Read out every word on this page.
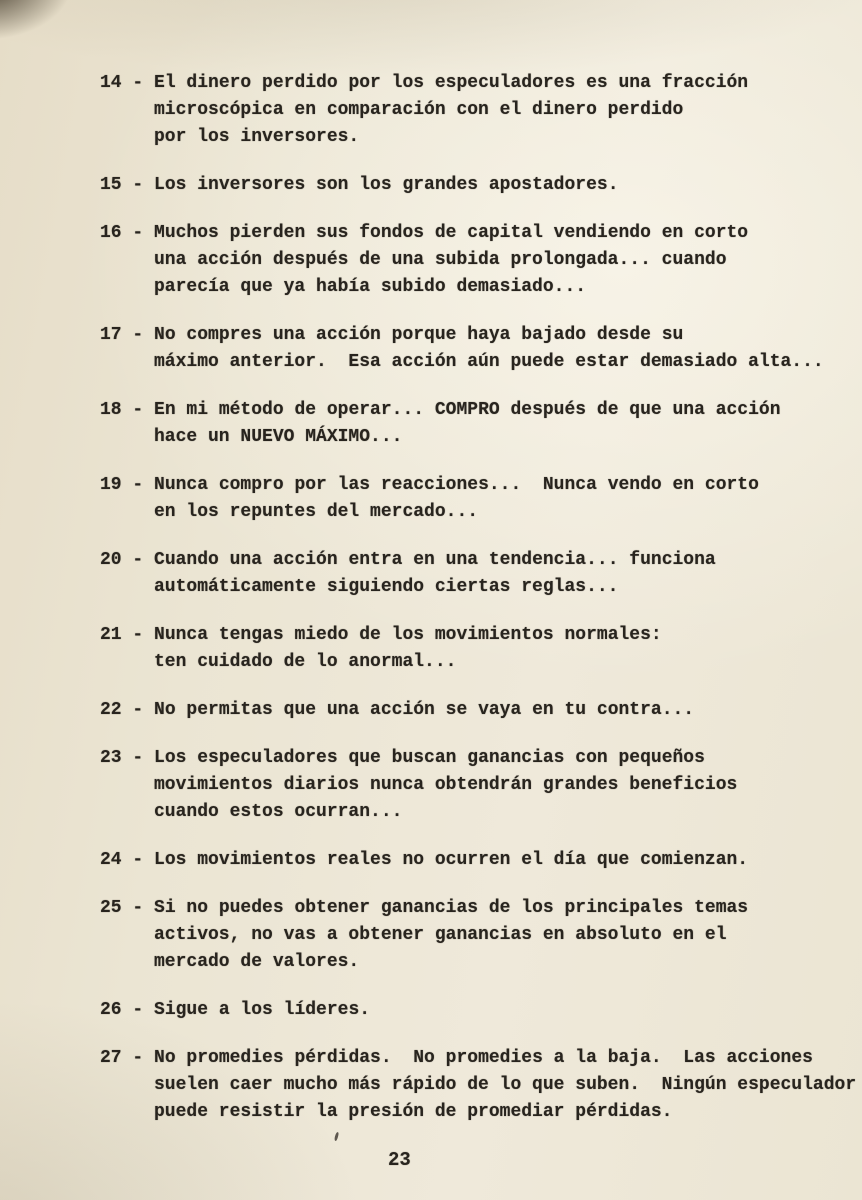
14 - El dinero perdido por los especuladores es una fracción
microscópica en comparación con el dinero perdido
por los inversores.
15 - Los inversores son los grandes apostadores.
16 - Muchos pierden sus fondos de capital vendiendo en corto
una acción después de una subida prolongada... cuando
parecía que ya había subido demasiado...
17 - No compres una acción porque haya bajado desde su
máximo anterior.  Esa acción aún puede estar demasiado alta...
18 - En mi método de operar... COMPRO después de que una acción
hace un NUEVO MÁXIMO...
19 - Nunca compro por las reacciones...  Nunca vendo en corto
en los repuntes del mercado...
20 - Cuando una acción entra en una tendencia... funciona
automáticamente siguiendo ciertas reglas...
21 - Nunca tengas miedo de los movimientos normales:
ten cuidado de lo anormal...
22 - No permitas que una acción se vaya en tu contra...
23 - Los especuladores que buscan ganancias con pequeños
movimientos diarios nunca obtendrán grandes beneficios
cuando estos ocurran...
24 - Los movimientos reales no ocurren el día que comienzan.
25 - Si no puedes obtener ganancias de los principales temas
activos, no vas a obtener ganancias en absoluto en el
mercado de valores.
26 - Sigue a los líderes.
27 - No promedies pérdidas.  No promedies a la baja.  Las acciones
suelen caer mucho más rápido de lo que suben.  Ningún especulador
puede resistir la presión de promediar pérdidas.
23
